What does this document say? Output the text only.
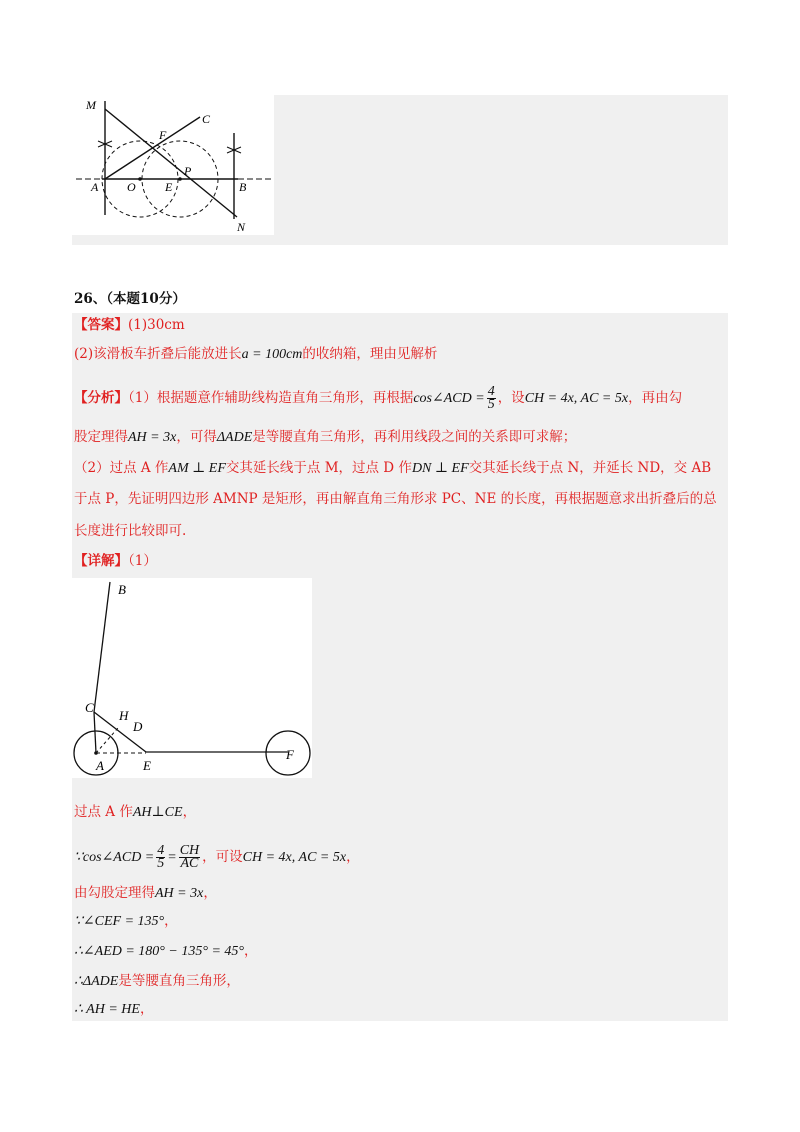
M
C
F
P
A O E	B
N
26、（本题10分）
【答案】(1)30cm
(2)该滑板车折叠后能放进长a = 100cm的收纳箱，理由见解析
【分析】（1）根据题意作辅助线构造直角三角形，再根据cos∠ACD = $\frac{4}{5}$ ，设CH = 4x, AC = 5x，再由勾
股定理得AH = 3x，可得ΔADE是等腰直角三角形，再利用线段之间的关系即可求解；
（2）过点 A 作AM ⊥ EF交其延长线于点 M，过点 D 作DN ⊥ EF交其延长线于点 N，并延长 ND，交 AB
于点 P，先证明四边形 AMNP 是矩形，再由解直角三角形求 PC、NE 的长度，再根据题意求出折叠后的总
长度进行比较即可.
【详解】（1）
B
C
H
D
A	E
F
过点 A 作AH⊥CE，
∵cos∠ACD = $\frac{4}{5} = \frac{CH}{AC}$ ，可设CH = 4x, AC = 5x，
由勾股定理得AH = 3x，
∵∠CEF = 135°，
∴∠AED = 180° − 135° = 45°，
∴ΔADE是等腰直角三角形，
∴ AH = HE，
